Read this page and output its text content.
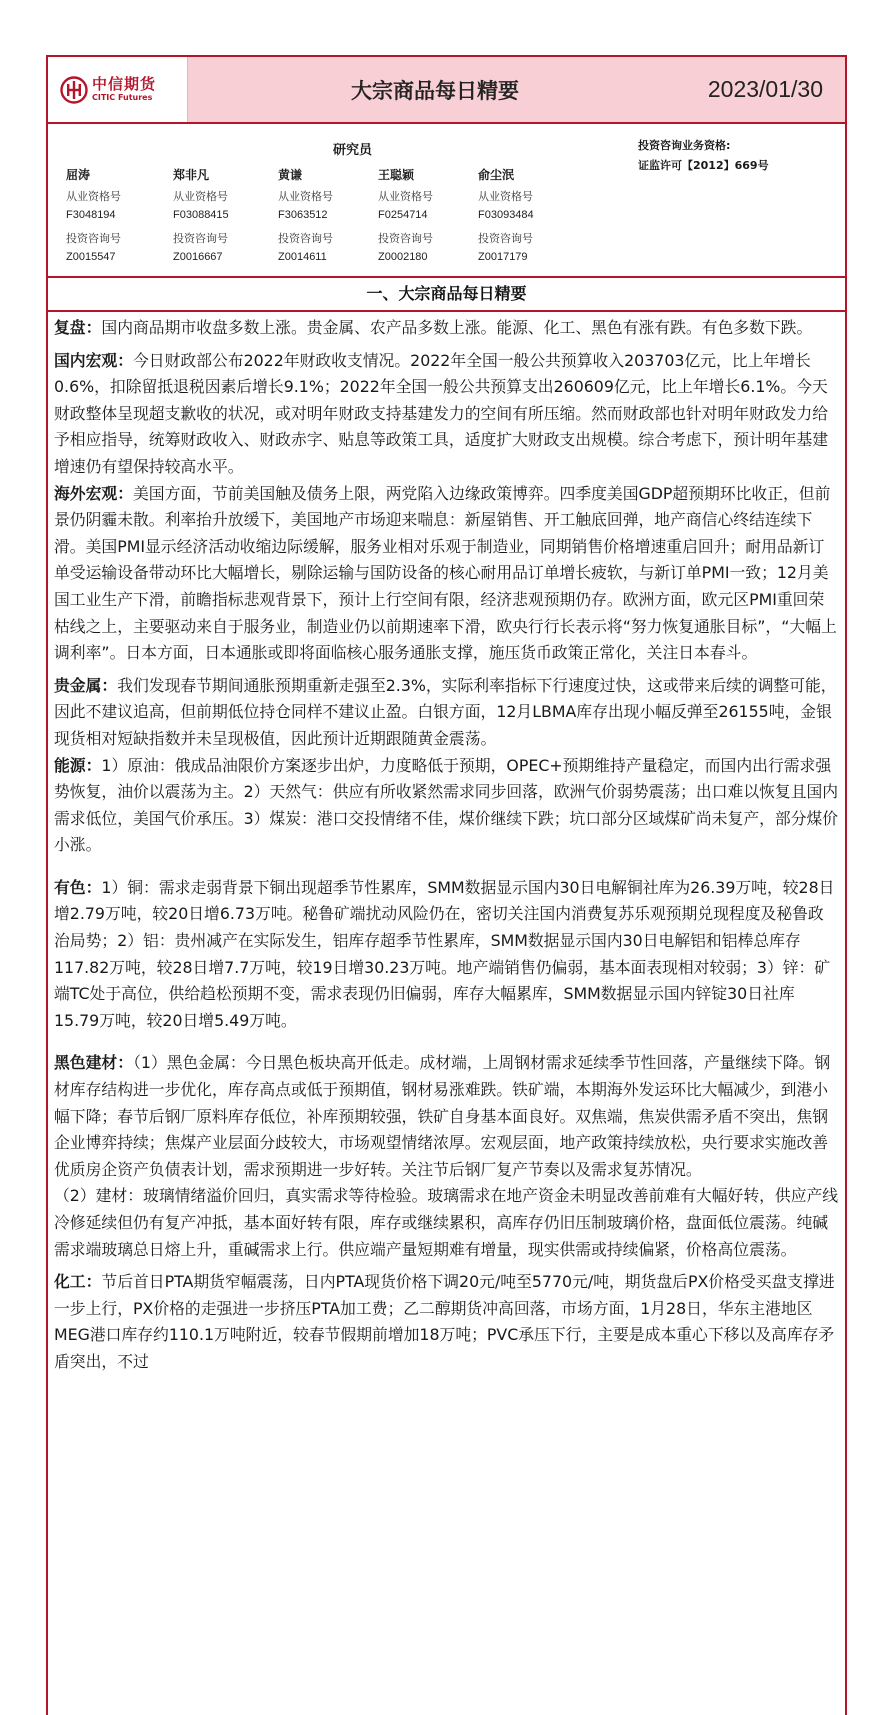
中信期货
CITIC Futures	大宗商品每日精要	2023/01/30
研究员	投资咨询业务资格:
证监许可【2012】669号
屈涛
从业资格号
F3048194
投资咨询号
Z0015547
郑非凡
从业资格号
F03088415
投资咨询号
Z0016667
黄谦
从业资格号
F3063512
投资咨询号
Z0014611
王聪颖
从业资格号
F0254714
投资咨询号
Z0002180
俞尘泯
从业资格号
F03093484
投资咨询号
Z0017179
一、大宗商品每日精要

复盘：国内商品期市收盘多数上涨。贵金属、农产品多数上涨。能源、化工、黑色有涨有跌。有色多数下跌。

国内宏观：今日财政部公布2022年财政收支情况。2022年全国一般公共预算收入203703亿元，比上年增长0.6%，扣除留抵退税因素后增长9.1%；2022年全国一般公共预算支出260609亿元，比上年增长6.1%。今天财政整体呈现超支歉收的状况，或对明年财政支持基建发力的空间有所压缩。然而财政部也针对明年财政发力给予相应指导，统筹财政收入、财政赤字、贴息等政策工具，适度扩大财政支出规模。综合考虑下，预计明年基建增速仍有望保持较高水平。

海外宏观：美国方面，节前美国触及债务上限，两党陷入边缘政策博弈。四季度美国GDP超预期环比收正，但前景仍阴霾未散。利率抬升放缓下，美国地产市场迎来喘息：新屋销售、开工触底回弹，地产商信心终结连续下滑。美国PMI显示经济活动收缩边际缓解，服务业相对乐观于制造业，同期销售价格增速重启回升；耐用品新订单受运输设备带动环比大幅增长，剔除运输与国防设备的核心耐用品订单增长疲软，与新订单PMI一致；12月美国工业生产下滑，前瞻指标悲观背景下，预计上行空间有限，经济悲观预期仍存。欧洲方面，欧元区PMI重回荣枯线之上，主要驱动来自于服务业，制造业仍以前期速率下滑，欧央行行长表示将“努力恢复通胀目标”，“大幅上调利率”。日本方面，日本通胀或即将面临核心服务通胀支撑，施压货币政策正常化，关注日本春斗。

贵金属：我们发现春节期间通胀预期重新走强至2.3%，实际利率指标下行速度过快，这或带来后续的调整可能，因此不建议追高，但前期低位持仓同样不建议止盈。白银方面，12月LBMA库存出现小幅反弹至26155吨，金银现货相对短缺指数并未呈现极值，因此预计近期跟随黄金震荡。

能源：1）原油：俄成品油限价方案逐步出炉，力度略低于预期，OPEC+预期维持产量稳定，而国内出行需求强势恢复，油价以震荡为主。2）天然气：供应有所收紧然需求同步回落，欧洲气价弱势震荡；出口难以恢复且国内需求低位，美国气价承压。3）煤炭：港口交投情绪不佳，煤价继续下跌；坑口部分区域煤矿尚未复产，部分煤价小涨。

有色：1）铜：需求走弱背景下铜出现超季节性累库，SMM数据显示国内30日电解铜社库为26.39万吨，较28日增2.79万吨，较20日增6.73万吨。秘鲁矿端扰动风险仍在，密切关注国内消费复苏乐观预期兑现程度及秘鲁政治局势；2）铝：贵州减产在实际发生，铝库存超季节性累库，SMM数据显示国内30日电解铝和铝棒总库存117.82万吨，较28日增7.7万吨，较19日增30.23万吨。地产端销售仍偏弱，基本面表现相对较弱；3）锌：矿端TC处于高位，供给趋松预期不变，需求表现仍旧偏弱，库存大幅累库，SMM数据显示国内锌锭30日社库15.79万吨，较20日增5.49万吨。

黑色建材：（1）黑色金属：今日黑色板块高开低走。成材端，上周钢材需求延续季节性回落，产量继续下降。钢材库存结构进一步优化，库存高点或低于预期值，钢材易涨难跌。铁矿端，本期海外发运环比大幅减少，到港小幅下降；春节后钢厂原料库存低位，补库预期较强，铁矿自身基本面良好。双焦端，焦炭供需矛盾不突出，焦钢企业博弈持续；焦煤产业层面分歧较大，市场观望情绪浓厚。宏观层面，地产政策持续放松，央行要求实施改善优质房企资产负债表计划，需求预期进一步好转。关注节后钢厂复产节奏以及需求复苏情况。

（2）建材：玻璃情绪溢价回归，真实需求等待检验。玻璃需求在地产资金未明显改善前难有大幅好转，供应产线冷修延续但仍有复产冲抵，基本面好转有限，库存或继续累积，高库存仍旧压制玻璃价格，盘面低位震荡。纯碱需求端玻璃总日熔上升，重碱需求上行。供应端产量短期难有增量，现实供需或持续偏紧，价格高位震荡。

化工：节后首日PTA期货窄幅震荡，日内PTA现货价格下调20元/吨至5770元/吨，期货盘后PX价格受买盘支撑进一步上行，PX价格的走强进一步挤压PTA加工费；乙二醇期货冲高回落，市场方面，1月28日，华东主港地区MEG港口库存约110.1万吨附近，较春节假期前增加18万吨；PVC承压下行，主要是成本重心下移以及高库存矛盾突出，不过
